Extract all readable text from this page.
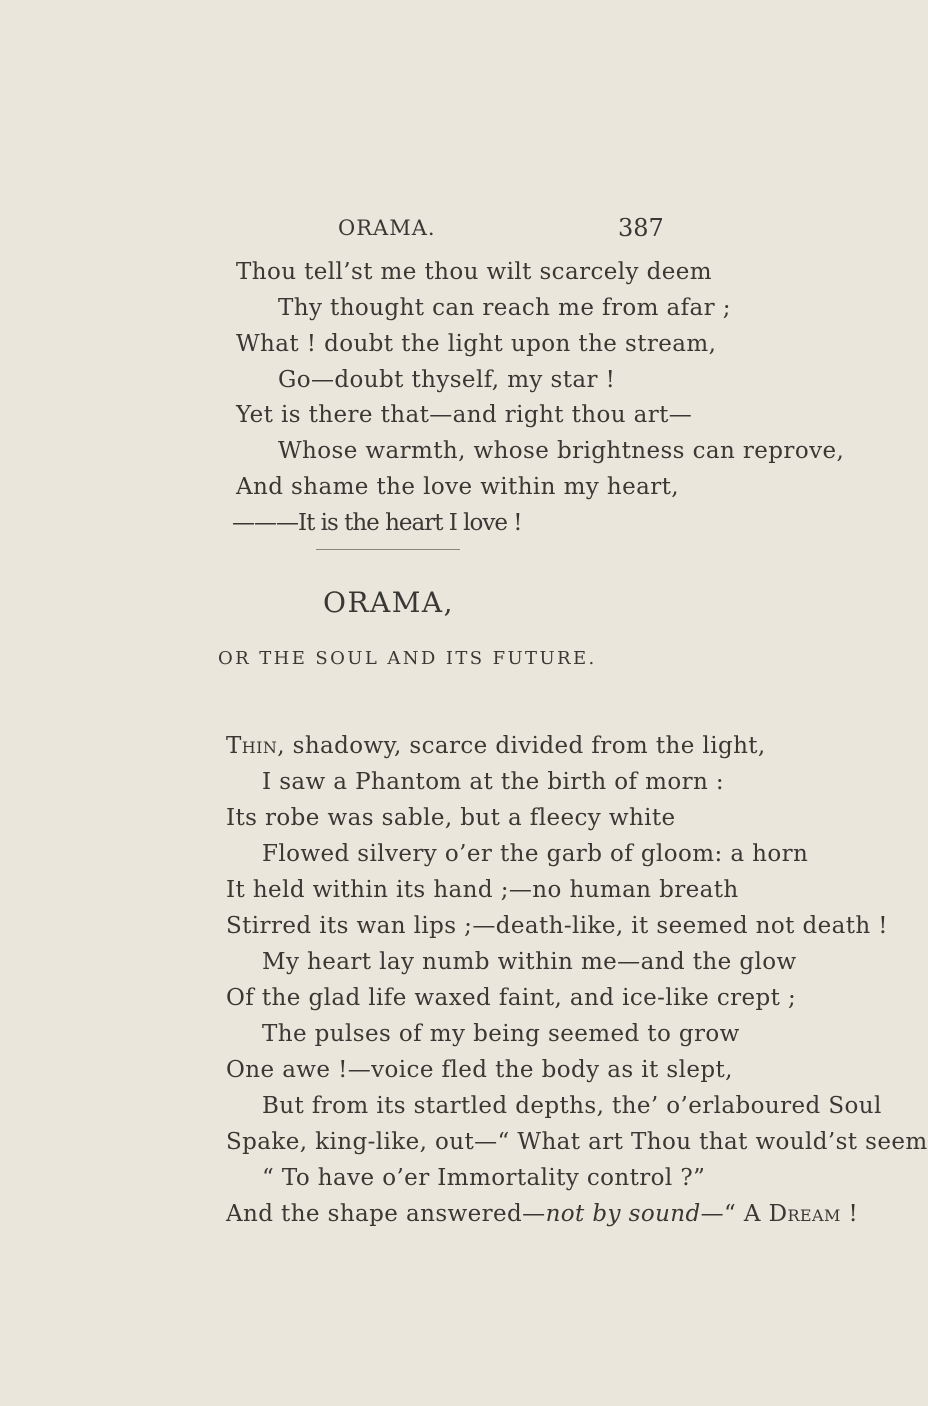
ORAMA.	387
Thou tell’st me thou wilt scarcely deem
Thy thought can reach me from afar ;
What ! doubt the light upon the stream,
Go—doubt thyself, my star !
Yet is there that—and right thou art—
Whose warmth, whose brightness can reprove,
And shame the love within my heart,
———It is the heart I love !
ORAMA,
OR THE SOUL AND ITS FUTURE.
Thin, shadowy, scarce divided from the light,
I saw a Phantom at the birth of morn :
Its robe was sable, but a fleecy white
Flowed silvery o’er the garb of gloom: a horn
It held within its hand ;—no human breath
Stirred its wan lips ;—death-like, it seemed not death !
My heart lay numb within me—and the glow
Of the glad life waxed faint, and ice-like crept ;
The pulses of my being seemed to grow
One awe !—voice fled the body as it slept,
But from its startled depths, the’ o’erlaboured Soul
Spake, king-like, out—“ What art Thou that would’st seem
“ To have o’er Immortality control ?”
And the shape answered—not by sound—“ A Dream !
